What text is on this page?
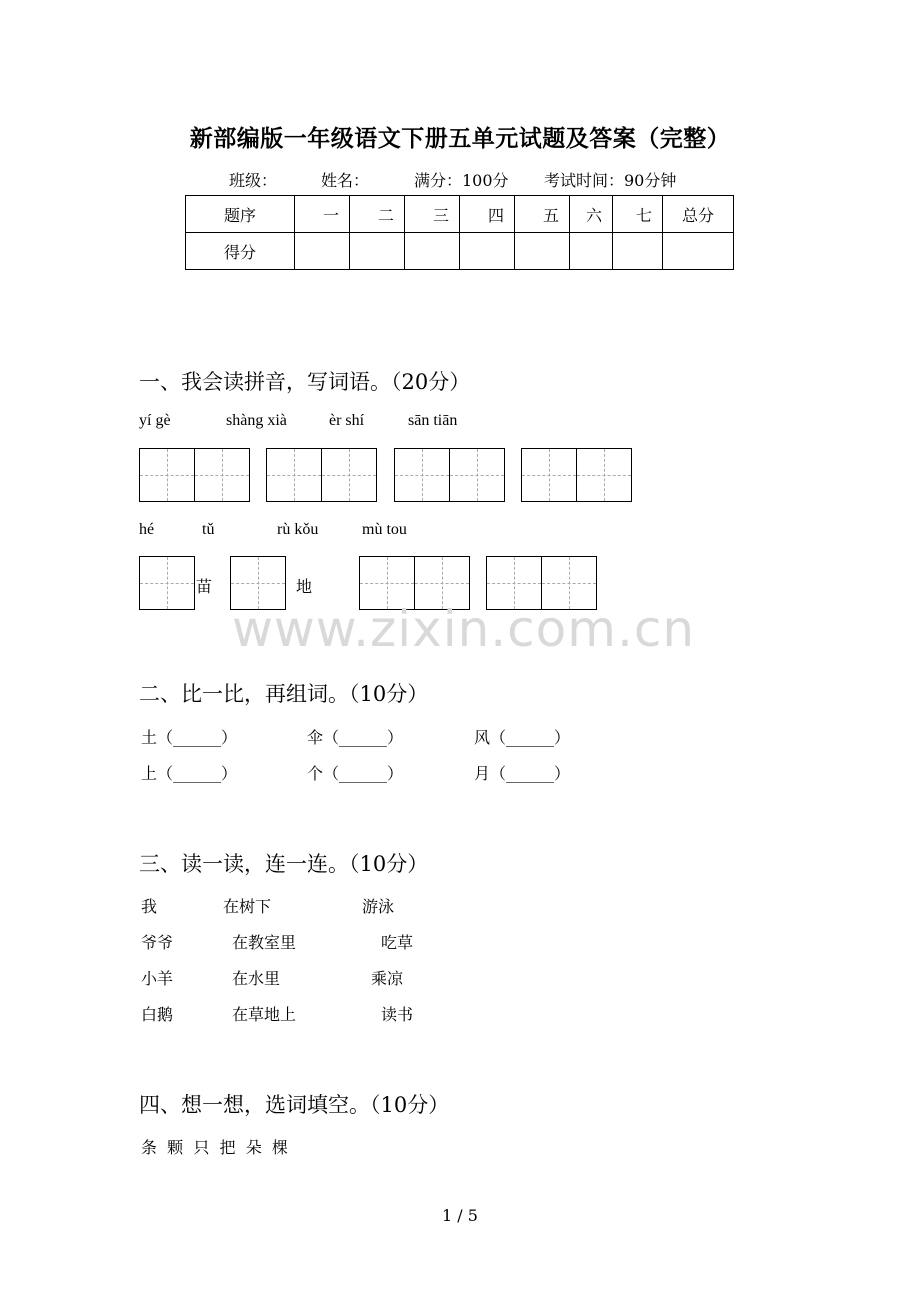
新部编版一年级语文下册五单元试题及答案（完整）
班级：	姓名：	满分：100分 考试时间：90分钟
题序	一	二	三	四	五	六	七	总分
得分								
一、我会读拼音，写词语。（20分）
yí gè	shàng xià	èr shí	sān tiān
hé	tǔ	rù kǒu	mù tou
苗	地
www.zixin.com.cn
二、比一比，再组词。（10分）
土（______）	伞（______）	风（______）
上（______）	个（______）	月（______）
三、读一读，连一连。（10分）
我	在树下	游泳
爷爷	在教室里	吃草
小羊	在水里	乘凉
白鹅	在草地上	读书
四、想一想，选词填空。（10分）
条  颗  只  把  朵  棵
1 / 5
